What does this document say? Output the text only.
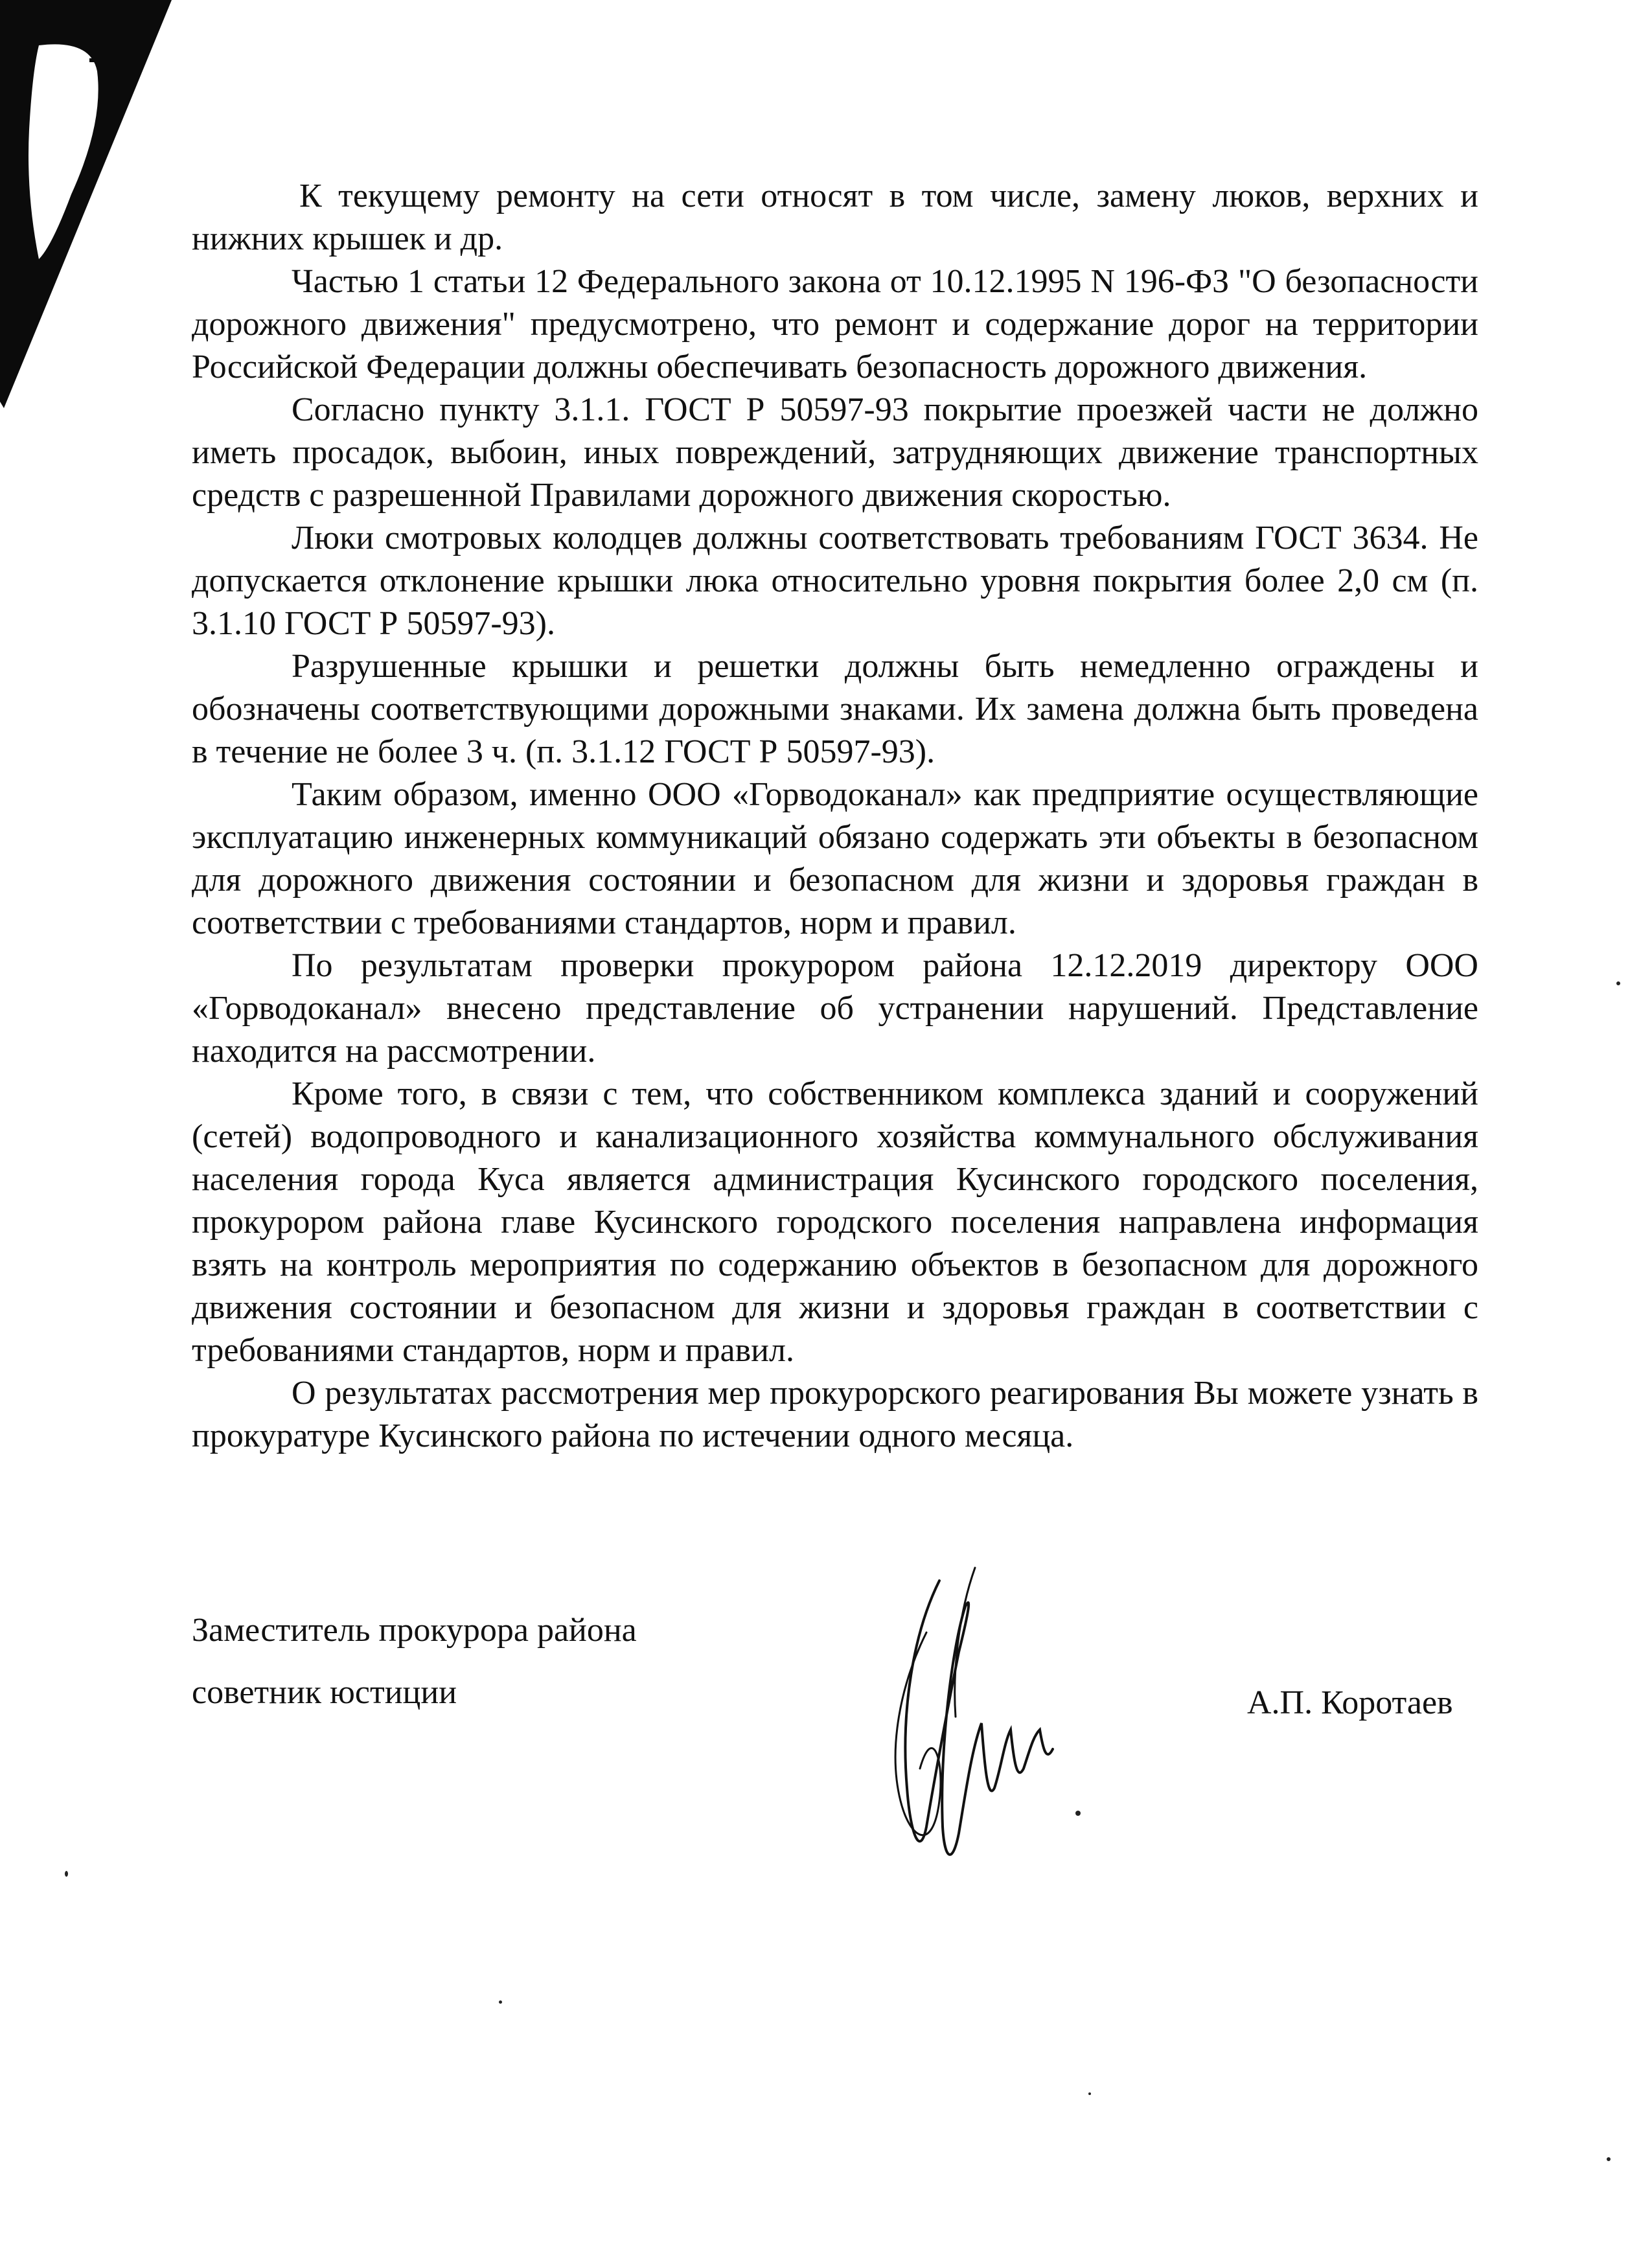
К текущему ремонту на сети относят в том числе, замену люков, верхних и нижних крышек и др.

Частью 1 статьи 12 Федерального закона от 10.12.1995 N 196-ФЗ "О безопасности дорожного движения" предусмотрено, что ремонт и содержание дорог на территории Российской Федерации должны обеспечивать безопасность дорожного движения.

Согласно пункту 3.1.1. ГОСТ Р 50597-93 покрытие проезжей части не должно иметь просадок, выбоин, иных повреждений, затрудняющих движение транспортных средств с разрешенной Правилами дорожного движения скоростью.

Люки смотровых колодцев должны соответствовать требованиям ГОСТ 3634. Не допускается отклонение крышки люка относительно уровня покрытия более 2,0 см (п. 3.1.10 ГОСТ Р 50597-93).

Разрушенные крышки и решетки должны быть немедленно ограждены и обозначены соответствующими дорожными знаками. Их замена должна быть проведена в течение не более 3 ч. (п. 3.1.12 ГОСТ Р 50597-93).

Таким образом, именно ООО «Горводоканал» как предприятие осуществляющие эксплуатацию инженерных коммуникаций обязано содержать эти объекты в безопасном для дорожного движения состоянии и безопасном для жизни и здоровья граждан в соответствии с требованиями стандартов, норм и правил.

По результатам проверки прокурором района 12.12.2019 директору ООО «Горводоканал» внесено представление об устранении нарушений. Представление находится на рассмотрении.

Кроме того, в связи с тем, что собственником комплекса зданий и сооружений (сетей) водопроводного и канализационного хозяйства коммунального обслуживания населения города Куса является администрация Кусинского городского поселения, прокурором района главе Кусинского городского поселения направлена информация взять на контроль мероприятия по содержанию объектов в безопасном для дорожного движения состоянии и безопасном для жизни и здоровья граждан в соответствии с требованиями стандартов, норм и правил.

О результатах рассмотрения мер прокурорского реагирования Вы можете узнать в прокуратуре Кусинского района по истечении одного месяца.

Заместитель прокурора района

советник юстиции	А.П. Коротаев
